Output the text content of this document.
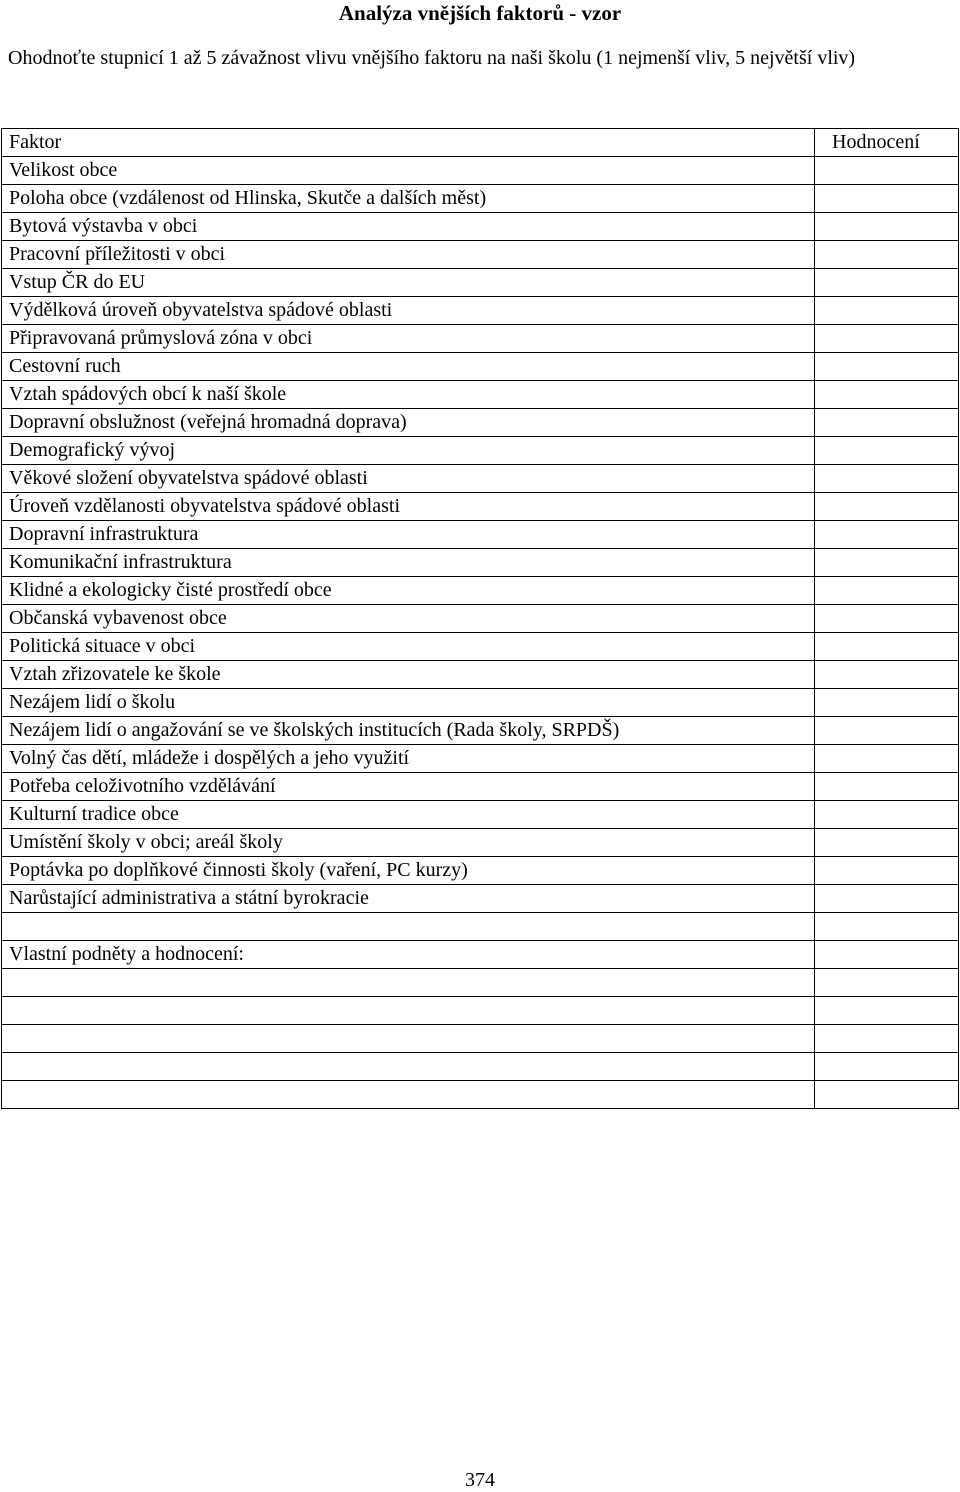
Analýza vnějších faktorů - vzor
Ohodnoťte stupnicí 1 až 5 závažnost vlivu vnějšího faktoru na naši školu (1 nejmenší vliv, 5 největší vliv)
Faktor	Hodnocení
Velikost obce	
Poloha obce (vzdálenost od Hlinska, Skutče a dalších měst)	
Bytová výstavba v obci	
Pracovní příležitosti v obci	
Vstup ČR do EU	
Výdělková úroveň obyvatelstva spádové oblasti	
Připravovaná průmyslová zóna v obci	
Cestovní ruch	
Vztah spádových obcí k naší škole	
Dopravní obslužnost (veřejná hromadná doprava)	
Demografický vývoj	
Věkové složení obyvatelstva spádové oblasti	
Úroveň vzdělanosti obyvatelstva spádové oblasti	
Dopravní infrastruktura	
Komunikační infrastruktura	
Klidné a ekologicky čisté prostředí obce	
Občanská vybavenost obce	
Politická situace v obci	
Vztah zřizovatele ke škole	
Nezájem lidí o školu	
Nezájem lidí o angažování se ve školských institucích (Rada školy, SRPDŠ)	
Volný čas dětí, mládeže i dospělých a jeho využití	
Potřeba celoživotního vzdělávání	
Kulturní tradice obce	
Umístění školy v obci; areál školy	
Poptávka po doplňkové činnosti školy (vaření, PC kurzy)	
Narůstající administrativa a státní byrokracie	

Vlastní podněty a hodnocení:	

374
